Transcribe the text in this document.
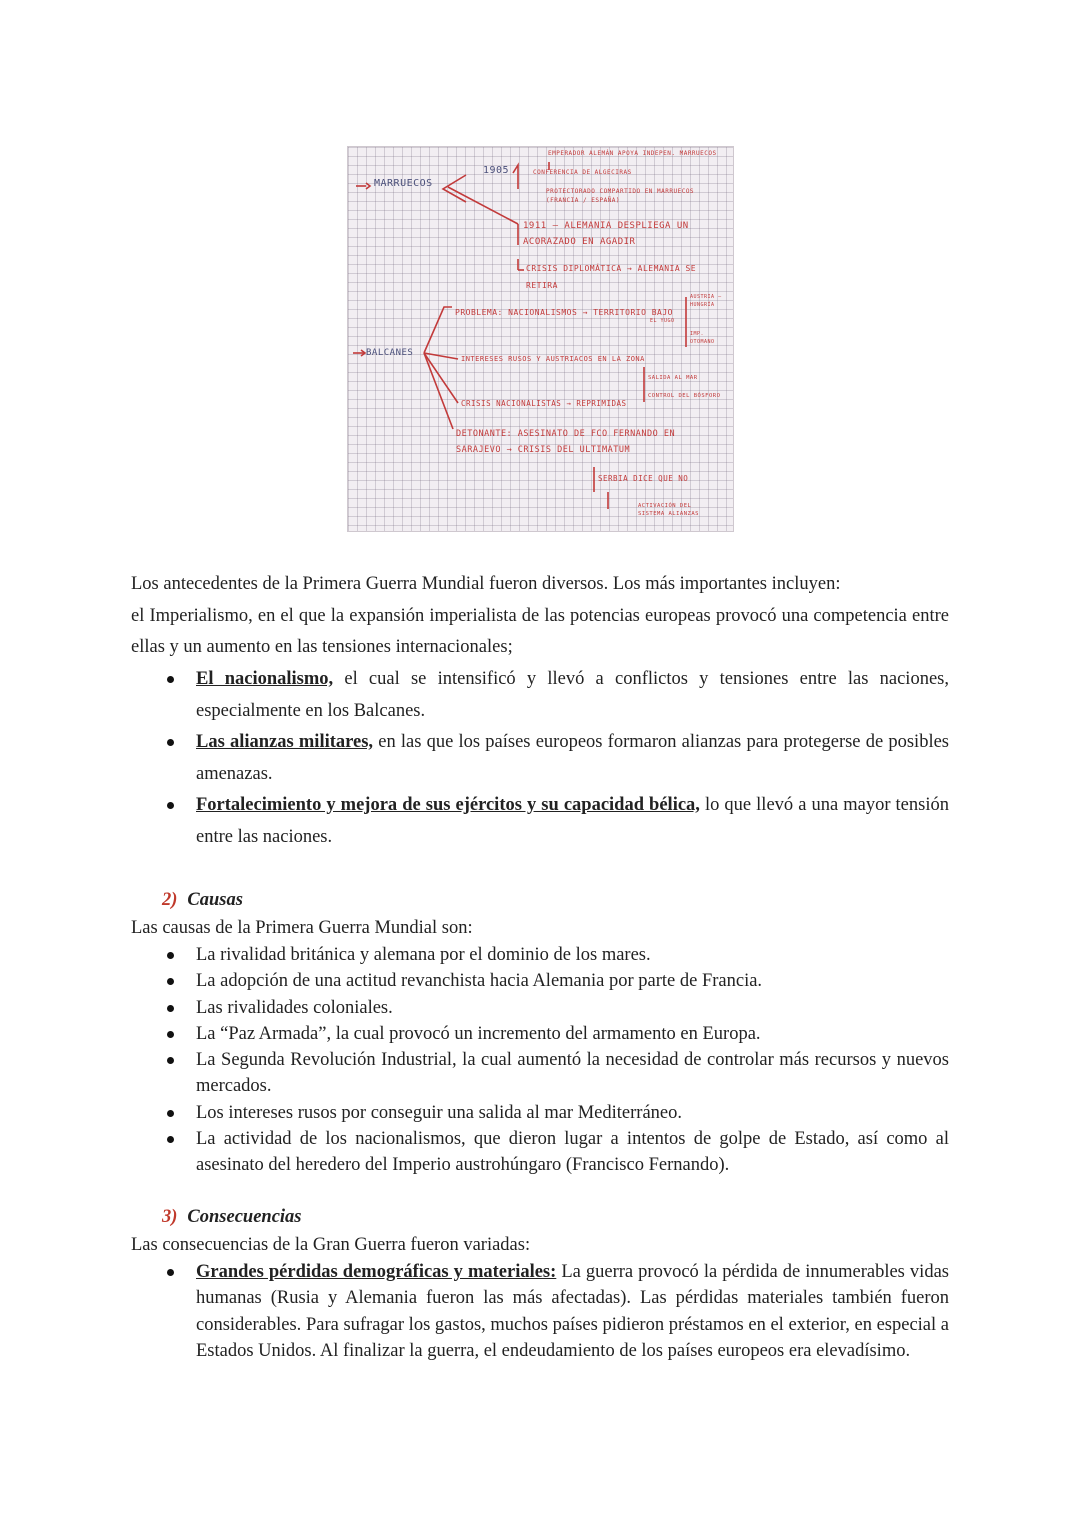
MARRUECOS
1905
EMPERADOR ALEMÁN APOYA INDEPEN. MARRUECOS
CONFERENCIA DE ALGECIRAS
PROTECTORADO COMPARTIDO EN MARRUECOS
(FRANCIA / ESPAÑA)
1911 – ALEMANIA DESPLIEGA UN
ACORAZADO EN AGADIR
CRISIS DIPLOMÁTICA → ALEMANIA SE
RETIRA
BALCANES
PROBLEMA: NACIONALISMOS → TERRITORIO BAJO
EL YUGO
AUSTRIA –
HUNGRÍA
IMP.
OTOMANO
INTERESES RUSOS Y AUSTRIACOS EN LA ZONA
SALIDA AL MAR
CONTROL DEL BÓSFORO
CRISIS NACIONALISTAS → REPRIMIDAS
DETONANTE: ASESINATO DE FCO FERNANDO EN
SARAJEVO → CRISIS DEL ULTIMATUM
SERBIA DICE QUE NO
ACTIVACIÓN DEL
SISTEMA ALIANZAS
Los antecedentes de la Primera Guerra Mundial fueron diversos. Los más importantes incluyen:
el Imperialismo, en el que la expansión imperialista de las potencias europeas provocó una competencia entre ellas y un aumento en las tensiones internacionales;
El nacionalismo, el cual se intensificó y llevó a conflictos y tensiones entre las naciones, especialmente en los Balcanes.
Las alianzas militares, en las que los países europeos formaron alianzas para protegerse de posibles amenazas.
Fortalecimiento y mejora de sus ejércitos y su capacidad bélica, lo que llevó a una mayor tensión entre las naciones.
2) Causas
Las causas de la Primera Guerra Mundial son:
La rivalidad británica y alemana por el dominio de los mares.
La adopción de una actitud revanchista hacia Alemania por parte de Francia.
Las rivalidades coloniales.
La “Paz Armada”, la cual provocó un incremento del armamento en Europa.
La Segunda Revolución Industrial, la cual aumentó la necesidad de controlar más recursos y nuevos mercados.
Los intereses rusos por conseguir una salida al mar Mediterráneo.
La actividad de los nacionalismos, que dieron lugar a intentos de golpe de Estado, así como al asesinato del heredero del Imperio austrohúngaro (Francisco Fernando).
3) Consecuencias
Las consecuencias de la Gran Guerra fueron variadas:
Grandes pérdidas demográficas y materiales: La guerra provocó la pérdida de innumerables vidas humanas (Rusia y Alemania fueron las más afectadas). Las pérdidas materiales también fueron considerables. Para sufragar los gastos, muchos países pidieron préstamos en el exterior, en especial a Estados Unidos. Al finalizar la guerra, el endeudamiento de los países europeos era elevadísimo.
